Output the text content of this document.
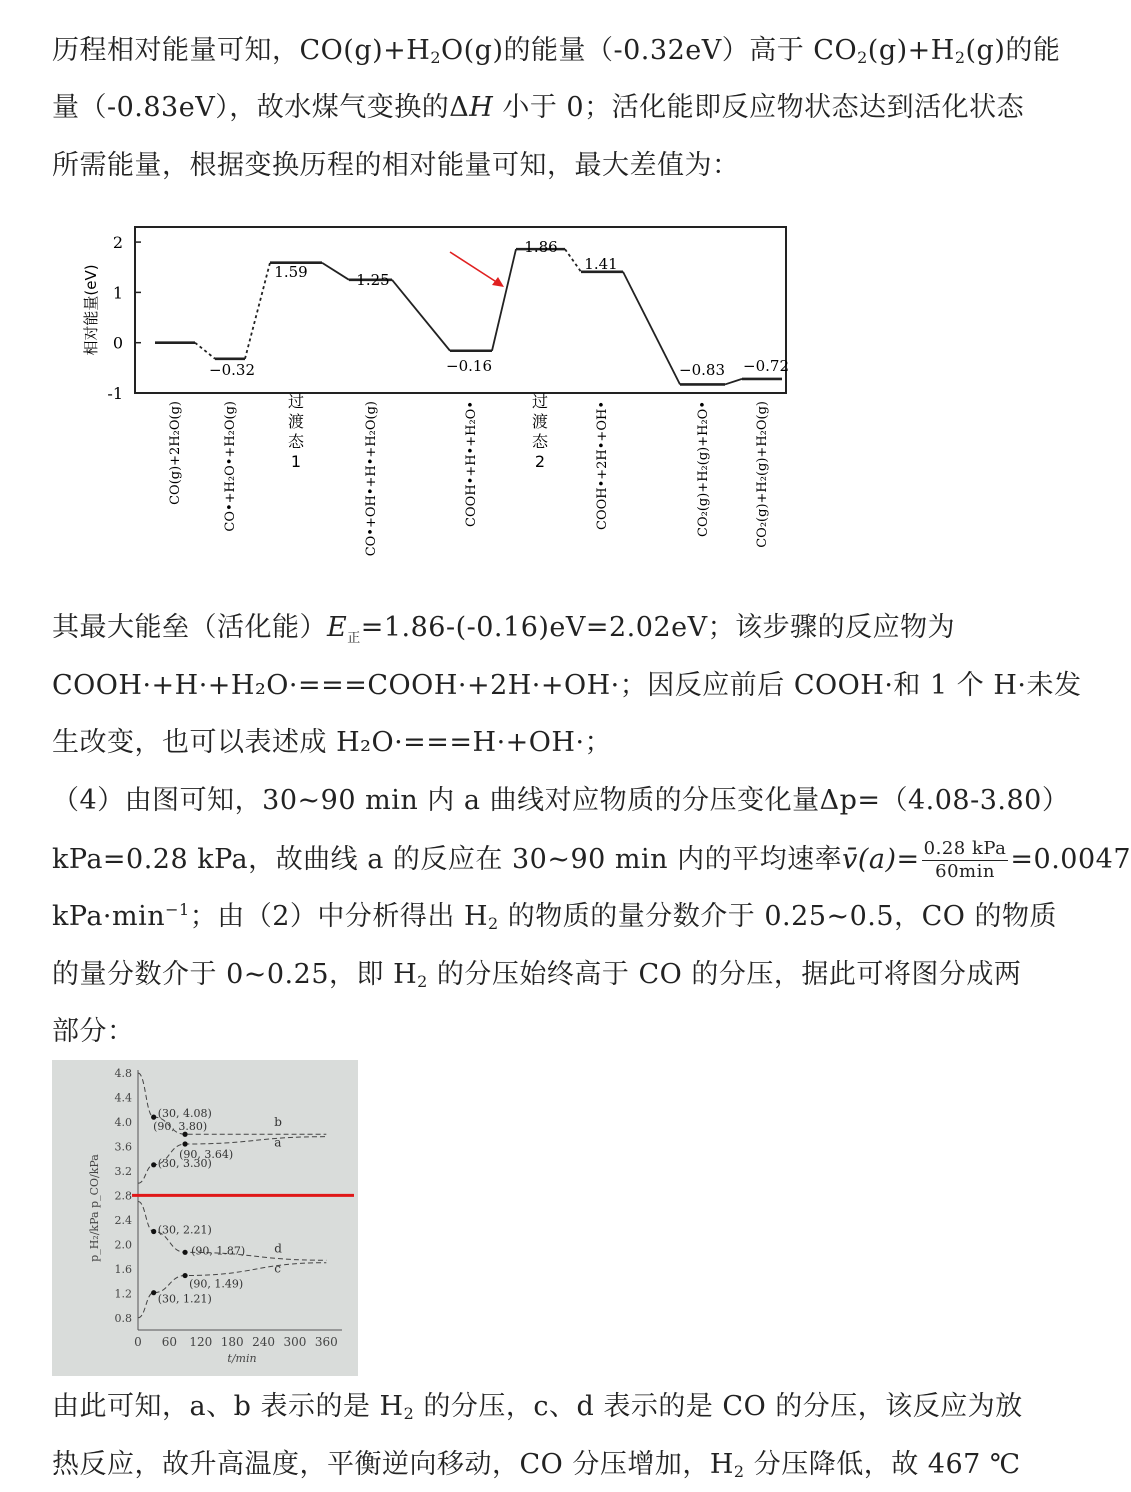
历程相对能量可知，$CO(g)+H_2O(g)$的能量（-0.32eV）高于 $CO_2(g)+H_2(g)$的能
量（-0.83eV），故水煤气变换的ΔH 小于 0；活化能即反应物状态达到活化状态
所需能量，根据变换历程的相对能量可知，最大差值为：
2
1
0
-1
相对能量(eV)	1.59	1.25
−0.32	−0.16
1.86
1.41
−0.83 −0.72
CO(g)+2H₂O(g)	CO•+H₂O•+H₂O(g)	过渡态 1	CO•+OH•+H•+H₂O(g)	COOH•+H•+H₂O•	过渡态 2	COOH•+2H•+OH•	CO₂(g)+H₂(g)+H₂O•	CO₂(g)+H₂(g)+H₂O(g)
其最大能垒（活化能）$E_正=1.86-(-0.16)eV=2.02eV$；该步骤的反应物为
COOH·+H·+H₂O·===COOH·+2H·+OH·；因反应前后 COOH·和 1 个 H·未发
生改变，也可以表述成 H₂O·===H·+OH·；
（4）由图可知，30~90 min 内 a 曲线对应物质的分压变化量Δp=（4.08-3.80）
kPa=0.28 kPa，故曲线 a 的反应在 30~90 min 内的平均速率v̄(a)= $\frac{\text{0.28 kPa}}{60\min} =0.0047$
$kPa\cdot\min^{-1}$；由（2）中分析得出 $H_2$ 的物质的量分数介于 0.25~0.5，CO 的物质
的量分数介于 0~0.25，即 $H_2$ 的分压始终高于 CO 的分压，据此可将图分成两
部分：
4.8
4.4
4.0
3.6
3.2
2.8
2.4
2.0
1.6
1.2
0.8
0 60 120 180 240 300 360
t/min
p_H₂/kPa p_CO/kPa
b
a
d
c
(30, 4.08)
(90, 3.80)
(90, 3.64)
(30, 3.30)
(30, 2.21)
(90, 1.87)
(90, 1.49)
(30, 1.21)
由此可知，a、b 表示的是 $H_2$ 的分压，c、d 表示的是 CO 的分压，该反应为放
热反应，故升高温度，平衡逆向移动，CO 分压增加，$H_2$ 分压降低，故 467 ℃
